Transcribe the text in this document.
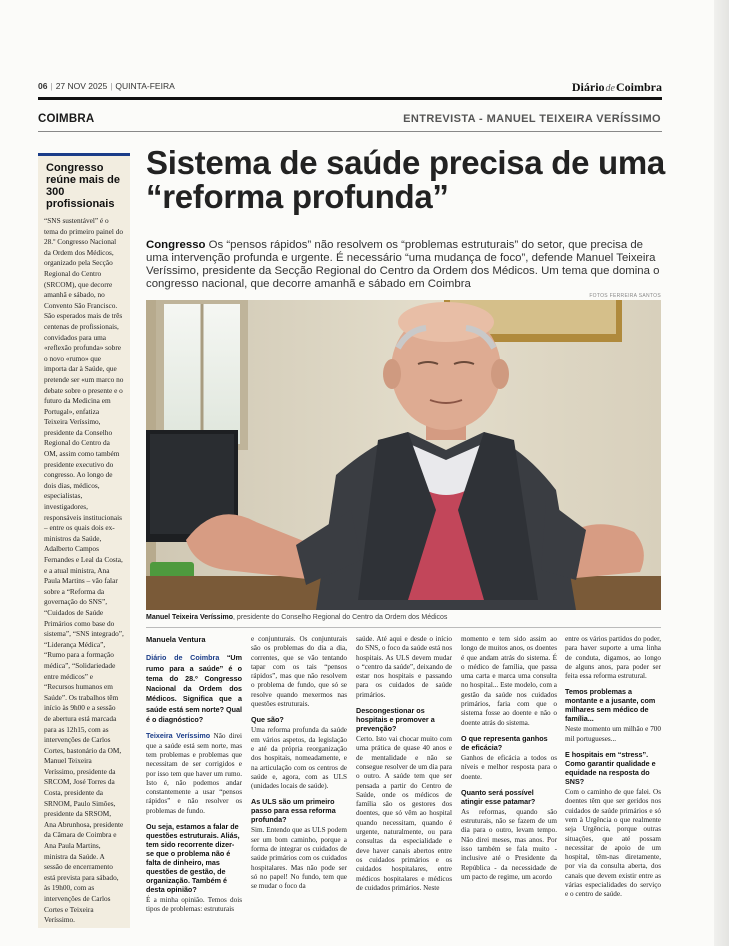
06 | 27 NOV 2025 | QUINTA-FEIRA	DiáriodeCoimbra
COIMBRA	ENTREVISTA - MANUEL TEIXEIRA VERÍSSIMO
Congresso reúne mais de 300 profissionais
“SNS sustentável” é o tema do primeiro painel do 28.º Congresso Nacional da Ordem dos Médicos, organizado pela Secção Regional do Centro (SRCOM), que decorre amanhã e sábado, no Convento São Francisco. São esperados mais de três centenas de profissionais, convidados para uma «reflexão profunda» sobre o novo «rumo» que importa dar à Saúde, que pretende ser «um marco no debate sobre o presente e o futuro da Medicina em Portugal», enfatiza Teixeira Veríssimo, presidente da Conselho Regional do Centro da OM, assim como também presidente executivo do congresso. Ao longo de dois dias, médicos, especialistas, investigadores, responsáveis institucionais – entre os quais dois ex-ministros da Saúde, Adalberto Campos Fernandes e Leal da Costa, e a atual ministra, Ana Paula Martins – vão falar sobre a “Reforma da governação do SNS”, “Cuidados de Saúde Primários como base do sistema”, “SNS integrado”, “Liderança Médica”, “Rumo para a formação médica”, “Solidariedade entre médicos” e “Recursos humanos em Saúde”. Os trabalhos têm início às 9h00 e a sessão de abertura está marcada para as 12h15, com as intervenções de Carlos Cortes, bastonário da OM, Manuel Teixeira Veríssimo, presidente da SRCOM, José Torres da Costa, presidente da SRNOM, Paulo Simões, presidente da SRSOM, Ana Abrunhosa, presidente da Câmara de Coimbra e Ana Paula Martins, ministra da Saúde. A sessão de encerramento está prevista para sábado, às 19h00, com as intervenções de Carlos Cortes e Teixeira Veríssimo.
Sistema de saúde precisa de uma “reforma profunda”
Congresso Os “pensos rápidos” não resolvem os “problemas estruturais” do setor, que precisa de uma intervenção profunda e urgente. É necessário “uma mudança de foco”, defende Manuel Teixeira Veríssimo, presidente da Secção Regional do Centro da Ordem dos Médicos. Um tema que domina o congresso nacional, que decorre amanhã e sábado em Coimbra
FOTOS FERREIRA SANTOS
Manuel Teixeira Veríssimo, presidente do Conselho Regional do Centro da Ordem dos Médicos
Manuela Ventura

Diário de Coimbra “Um rumo para a saúde” é o tema do 28.º Congresso Nacional da Ordem dos Médicos. Significa que a saúde está sem norte? Qual é o diagnóstico?

Teixeira Veríssimo Não direi que a saúde está sem norte, mas tem problemas e problemas que necessitam de ser corrigidos e por isso tem que haver um rumo. Isto é, não podemos andar constantemente a usar “pensos rápidos” e não resolver os problemas de fundo.

Ou seja, estamos a falar de questões estruturais. Aliás, tem sido recorrente dizer-se que o problema não é falta de dinheiro, mas questões de gestão, de organização. Também é desta opinião?

É a minha opinião. Temos dois tipos de problemas: estruturais

e conjunturais. Os conjunturais são os problemas do dia a dia, correntes, que se vão tentando tapar com os tais “pensos rápidos”, mas que não resolvem o problema de fundo, que só se resolve quando mexermos nas questões estruturais.

Que são?

Uma reforma profunda da saúde em vários aspetos, da legislação e até da própria reorganização dos hospitais, nomeadamente, e na articulação com os centros de saúde e, agora, com as ULS (unidades locais de saúde).

As ULS são um primeiro passo para essa reforma profunda?

Sim. Entendo que as ULS podem ser um bom caminho, porque a forma de integrar os cuidados de saúde primários com os cuidados hospitalares. Mas não pode ser só no papel! No fundo, tem que se mudar o foco da

saúde. Até aqui e desde o início do SNS, o foco da saúde está nos hospitais. As ULS devem mudar o “centro da saúde”, deixando de estar nos hospitais e passando para os cuidados de saúde primários.

Descongestionar os hospitais e promover a prevenção?

Certo. Isto vai chocar muito com uma prática de quase 40 anos e de mentalidade e não se consegue resolver de um dia para o outro. A saúde tem que ser pensada a partir do Centro de Saúde, onde os médicos de família são os gestores dos doentes, que só vêm ao hospital quando necessitam, quando é urgente, naturalmente, ou para consultas da especialidade e deve haver canais abertos entre os cuidados primários e os cuidados hospitalares, entre médicos hospitalares e médicos de cuidados primários. Neste

momento e tem sido assim ao longo de muitos anos, os doentes é que andam atrás do sistema. É o médico de família, que passa uma carta e marca uma consulta no hospital... Este modelo, com a gestão da saúde nos cuidados primários, faria com que o sistema fosse ao doente e não o doente atrás do sistema.

O que representa ganhos de eficácia?

Ganhos de eficácia a todos os níveis e melhor resposta para o doente.

Quanto será possível atingir esse patamar?

As reformas, quando são estruturais, não se fazem de um dia para o outro, levam tempo. Não direi meses, mas anos. Por isso também se fala muito - inclusive até o Presidente da República - da necessidade de um pacto de regime, um acordo

entre os vários partidos do poder, para haver suporte a uma linha de conduta, digamos, ao longo de alguns anos, para poder ser feita essa reforma estrutural.

Temos problemas a montante e a jusante, com milhares sem médico de família...

Neste momento um milhão e 700 mil portugueses...

E hospitais em “stress”. Como garantir qualidade e equidade na resposta do SNS?

Com o caminho de que falei. Os doentes têm que ser geridos nos cuidados de saúde primários e só vem à Urgência o que realmente seja Urgência, porque outras situações, que até possam necessitar de apoio de um hospital, têm-nas diretamente, por via da consulta aberta, dos canais que devem existir entre as várias especialidades do serviço e o centro de saúde.
